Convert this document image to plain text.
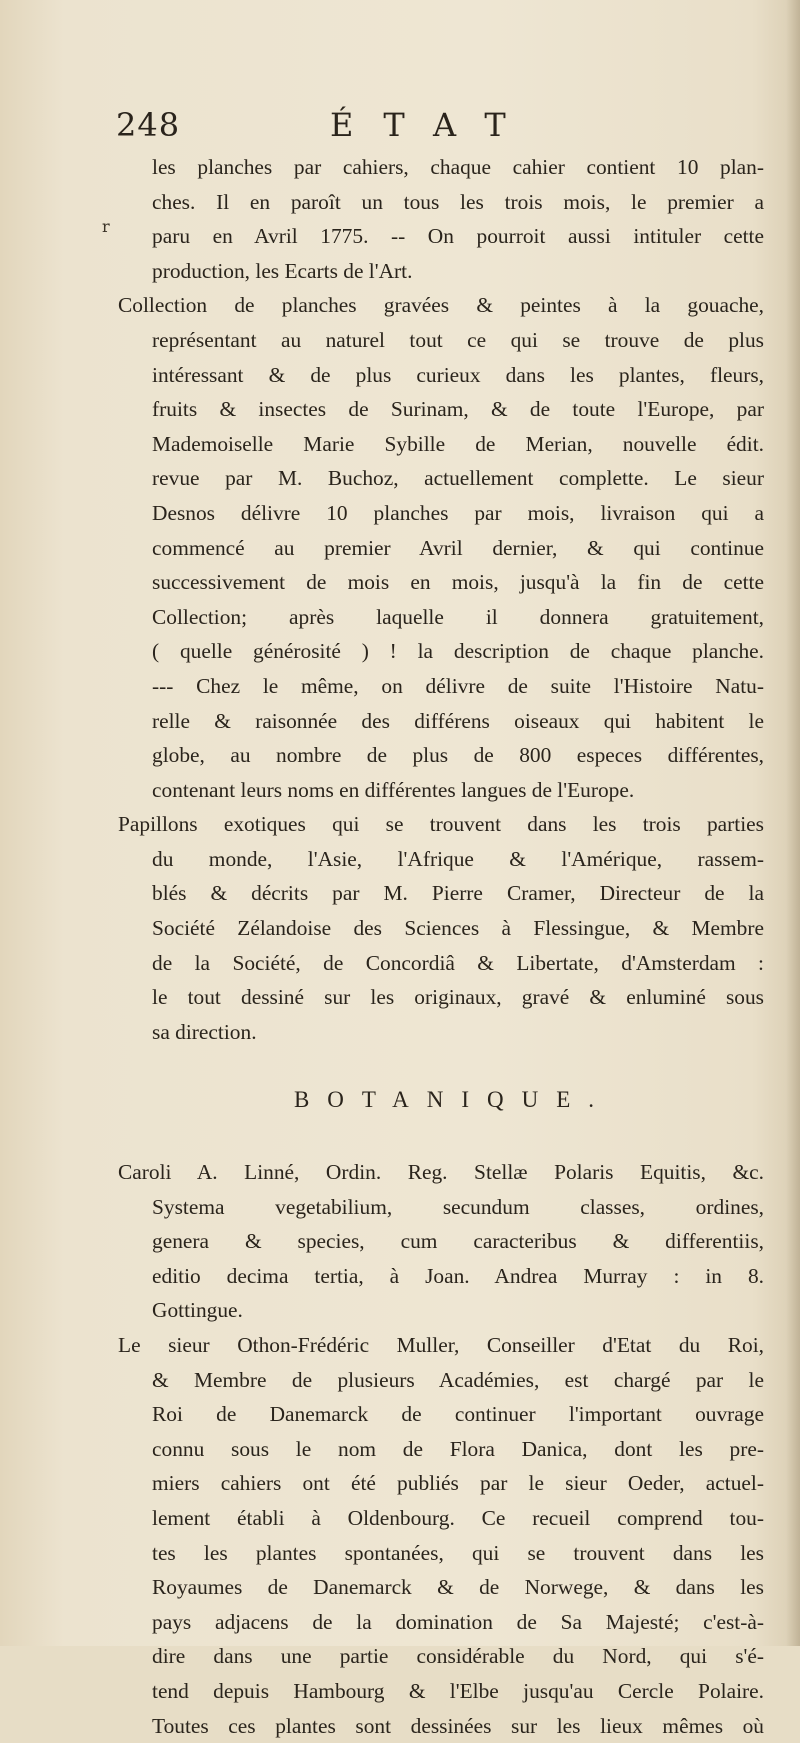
248	ÉTAT
r
les planches par cahiers, chaque cahier contient 10 plan-
ches. Il en paroît un tous les trois mois, le premier a
paru en Avril 1775. -- On pourroit aussi intituler cette
production, les Ecarts de l'Art.
Collection de planches gravées & peintes à la gouache,
représentant au naturel tout ce qui se trouve de plus
intéressant & de plus curieux dans les plantes, fleurs,
fruits & insectes de Surinam, & de toute l'Europe, par
Mademoiselle Marie Sybille de Merian, nouvelle édit.
revue par M. Buchoz, actuellement complette. Le sieur
Desnos délivre 10 planches par mois, livraison qui a
commencé au premier Avril dernier, & qui continue
successivement de mois en mois, jusqu'à la fin de cette
Collection; après laquelle il donnera gratuitement,
( quelle générosité ) ! la description de chaque planche.
--- Chez le même, on délivre de suite l'Histoire Natu-
relle & raisonnée des différens oiseaux qui habitent le
globe, au nombre de plus de 800 especes différentes,
contenant leurs noms en différentes langues de l'Europe.
Papillons exotiques qui se trouvent dans les trois parties
du monde, l'Asie, l'Afrique & l'Amérique, rassem-
blés & décrits par M. Pierre Cramer, Directeur de la
Société Zélandoise des Sciences à Flessingue, & Membre
de la Société, de Concordiâ & Libertate, d'Amsterdam :
le tout dessiné sur les originaux, gravé & enluminé sous
sa direction.
BOTANIQUE.
Caroli A. Linné, Ordin. Reg. Stellæ Polaris Equitis, &c.
Systema vegetabilium, secundum classes, ordines,
genera & species, cum caracteribus & differentiis,
editio decima tertia, à Joan. Andrea Murray : in 8.
Gottingue.
Le sieur Othon-Frédéric Muller, Conseiller d'Etat du Roi,
& Membre de plusieurs Académies, est chargé par le
Roi de Danemarck de continuer l'important ouvrage
connu sous le nom de Flora Danica, dont les pre-
miers cahiers ont été publiés par le sieur Oeder, actuel-
lement établi à Oldenbourg. Ce recueil comprend tou-
tes les plantes spontanées, qui se trouvent dans les
Royaumes de Danemarck & de Norwege, & dans les
pays adjacens de la domination de Sa Majesté; c'est-à-
dire dans une partie considérable du Nord, qui s'é-
tend depuis Hambourg & l'Elbe jusqu'au Cercle Polaire.
Toutes ces plantes sont dessinées sur les lieux mêmes où
